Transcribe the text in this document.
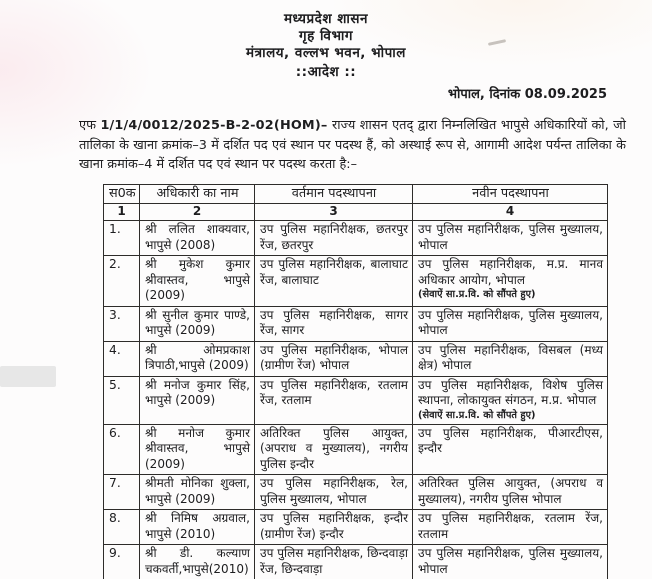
मध्यप्रदेश शासन
गृह विभाग
मंत्रालय, वल्लभ भवन, भोपाल
::आदेश ::
भोपाल, दिनांक 08.09.2025

एफ 1/1/4/0012/2025-B-2-02(HOM)– राज्य शासन एतद् द्वारा निम्नलिखित भापुसे अधिकारियों को, जो तालिका के खाना क्रमांक–3 में दर्शित पद एवं स्थान पर पदस्थ हैं, को अस्थाई रूप से, आगामी आदेश पर्यन्त तालिका के खाना क्रमांक–4 में दर्शित पद एवं स्थान पर पदस्थ करता है:–

स0क	अधिकारी का नाम	वर्तमान पदस्थापना	नवीन पदस्थापना
1	2	3	4
1.	श्री ललित शाक्यवार, भापुसे (2008)	उप पुलिस महानिरीक्षक, छतरपुर रेंज, छतरपुर	उप पुलिस महानिरीक्षक, पुलिस मुख्यालय, भोपाल
2.	श्री मुकेश कुमार श्रीवास्तव, भापुसे (2009)	उप पुलिस महानिरीक्षक, बालाघाट रेंज, बालाघाट	उप पुलिस महानिरीक्षक, म.प्र. मानव अधिकार आयोग, भोपाल
(सेवाऐं सा.प्र.वि. को सौंपते हुए)

3.	श्री सुनील कुमार पाण्डे, भापुसे (2009)	उप पुलिस महानिरीक्षक, सागर रेंज, सागर	उप पुलिस महानिरीक्षक, पुलिस मुख्यालय, भोपाल
4.	श्री ओमप्रकाश त्रिपाठी,भापुसे (2009)	उप पुलिस महानिरीक्षक, भोपाल (ग्रामीण रेंज) भोपाल	उप पुलिस महानिरीक्षक, विसबल (मध्य क्षेत्र) भोपाल
5.	श्री मनोज कुमार सिंह, भापुसे (2009)	उप पुलिस महानिरीक्षक, रतलाम रेंज, रतलाम	उप पुलिस महानिरीक्षक, विशेष पुलिस स्थापना, लोकायुक्त संगठन, म.प्र. भोपाल
(सेवाऐं सा.प्र.वि. को सौंपते हुए)

6.	श्री मनोज कुमार श्रीवास्तव, भापुसे (2009)	अतिरिक्त पुलिस आयुक्त, (अपराध व मुख्यालय), नगरीय पुलिस इन्दौर	उप पुलिस महानिरीक्षक, पीआरटीएस, इन्दौर
7.	श्रीमती मोनिका शुक्ला, भापुसे (2009)	उप पुलिस महानिरीक्षक, रेल, पुलिस मुख्यालय, भोपाल	अतिरिक्त पुलिस आयुक्त, (अपराध व मुख्यालय), नगरीय पुलिस भोपाल
8.	श्री निमिष अग्रवाल, भापुसे (2010)	उप पुलिस महानिरीक्षक, इन्दौर (ग्रामीण रेंज) इन्दौर	उप पुलिस महानिरीक्षक, रतलाम रेंज, रतलाम
9.	श्री डी. कल्याण चकवर्ती,भापुसे(2010)	उप पुलिस महानिरीक्षक, छिन्दवाड़ा रेंज, छिन्दवाड़ा	उप पुलिस महानिरीक्षक, पुलिस मुख्यालय, भोपाल
